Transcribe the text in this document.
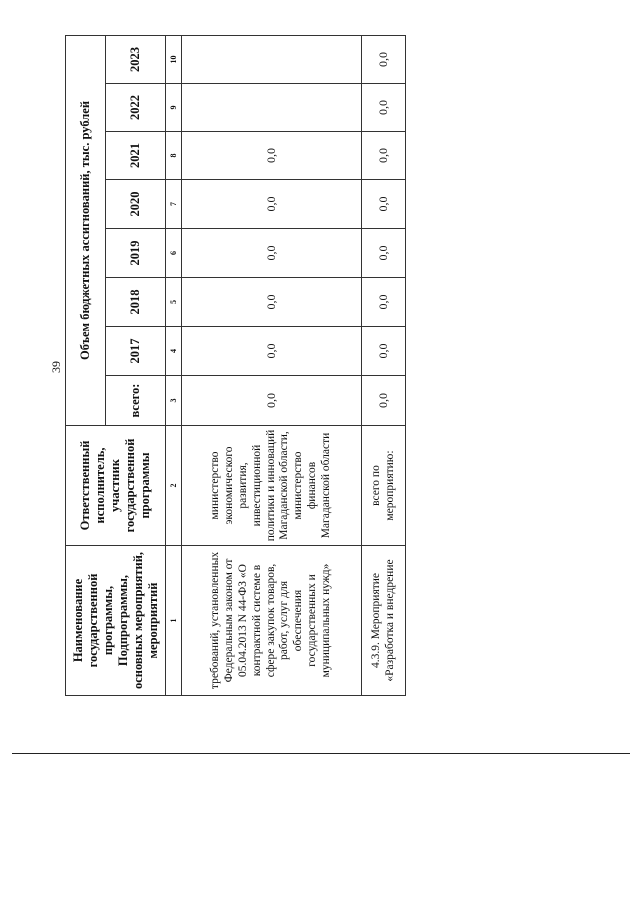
39
Наименование государственной программы, Подпрограммы, основных мероприятий, мероприятий	Ответственный исполнитель, участник государственной программы	Объем бюджетных ассигнований, тыс. рублей							
		всего:	2017	2018	2019	2020	2021	2022	2023
1	2	3	4	5	6	7	8	9	10
требований, установленных Федеральным законом от 05.04.2013 N 44-ФЗ «О контрактной системе в сфере закупок товаров, работ, услуг для обеспечения государственных и муниципальных нужд»	министерство экономического развития, инвестиционной политики и инноваций Магаданской области, министерство финансов Магаданской области	0,0	0,0	0,0	0,0	0,0	0,0		
4.3.9. Мероприятие «Разработка и внедрение	всего по мероприятию:	0,0	0,0	0,0	0,0	0,0	0,0	0,0	0,0
